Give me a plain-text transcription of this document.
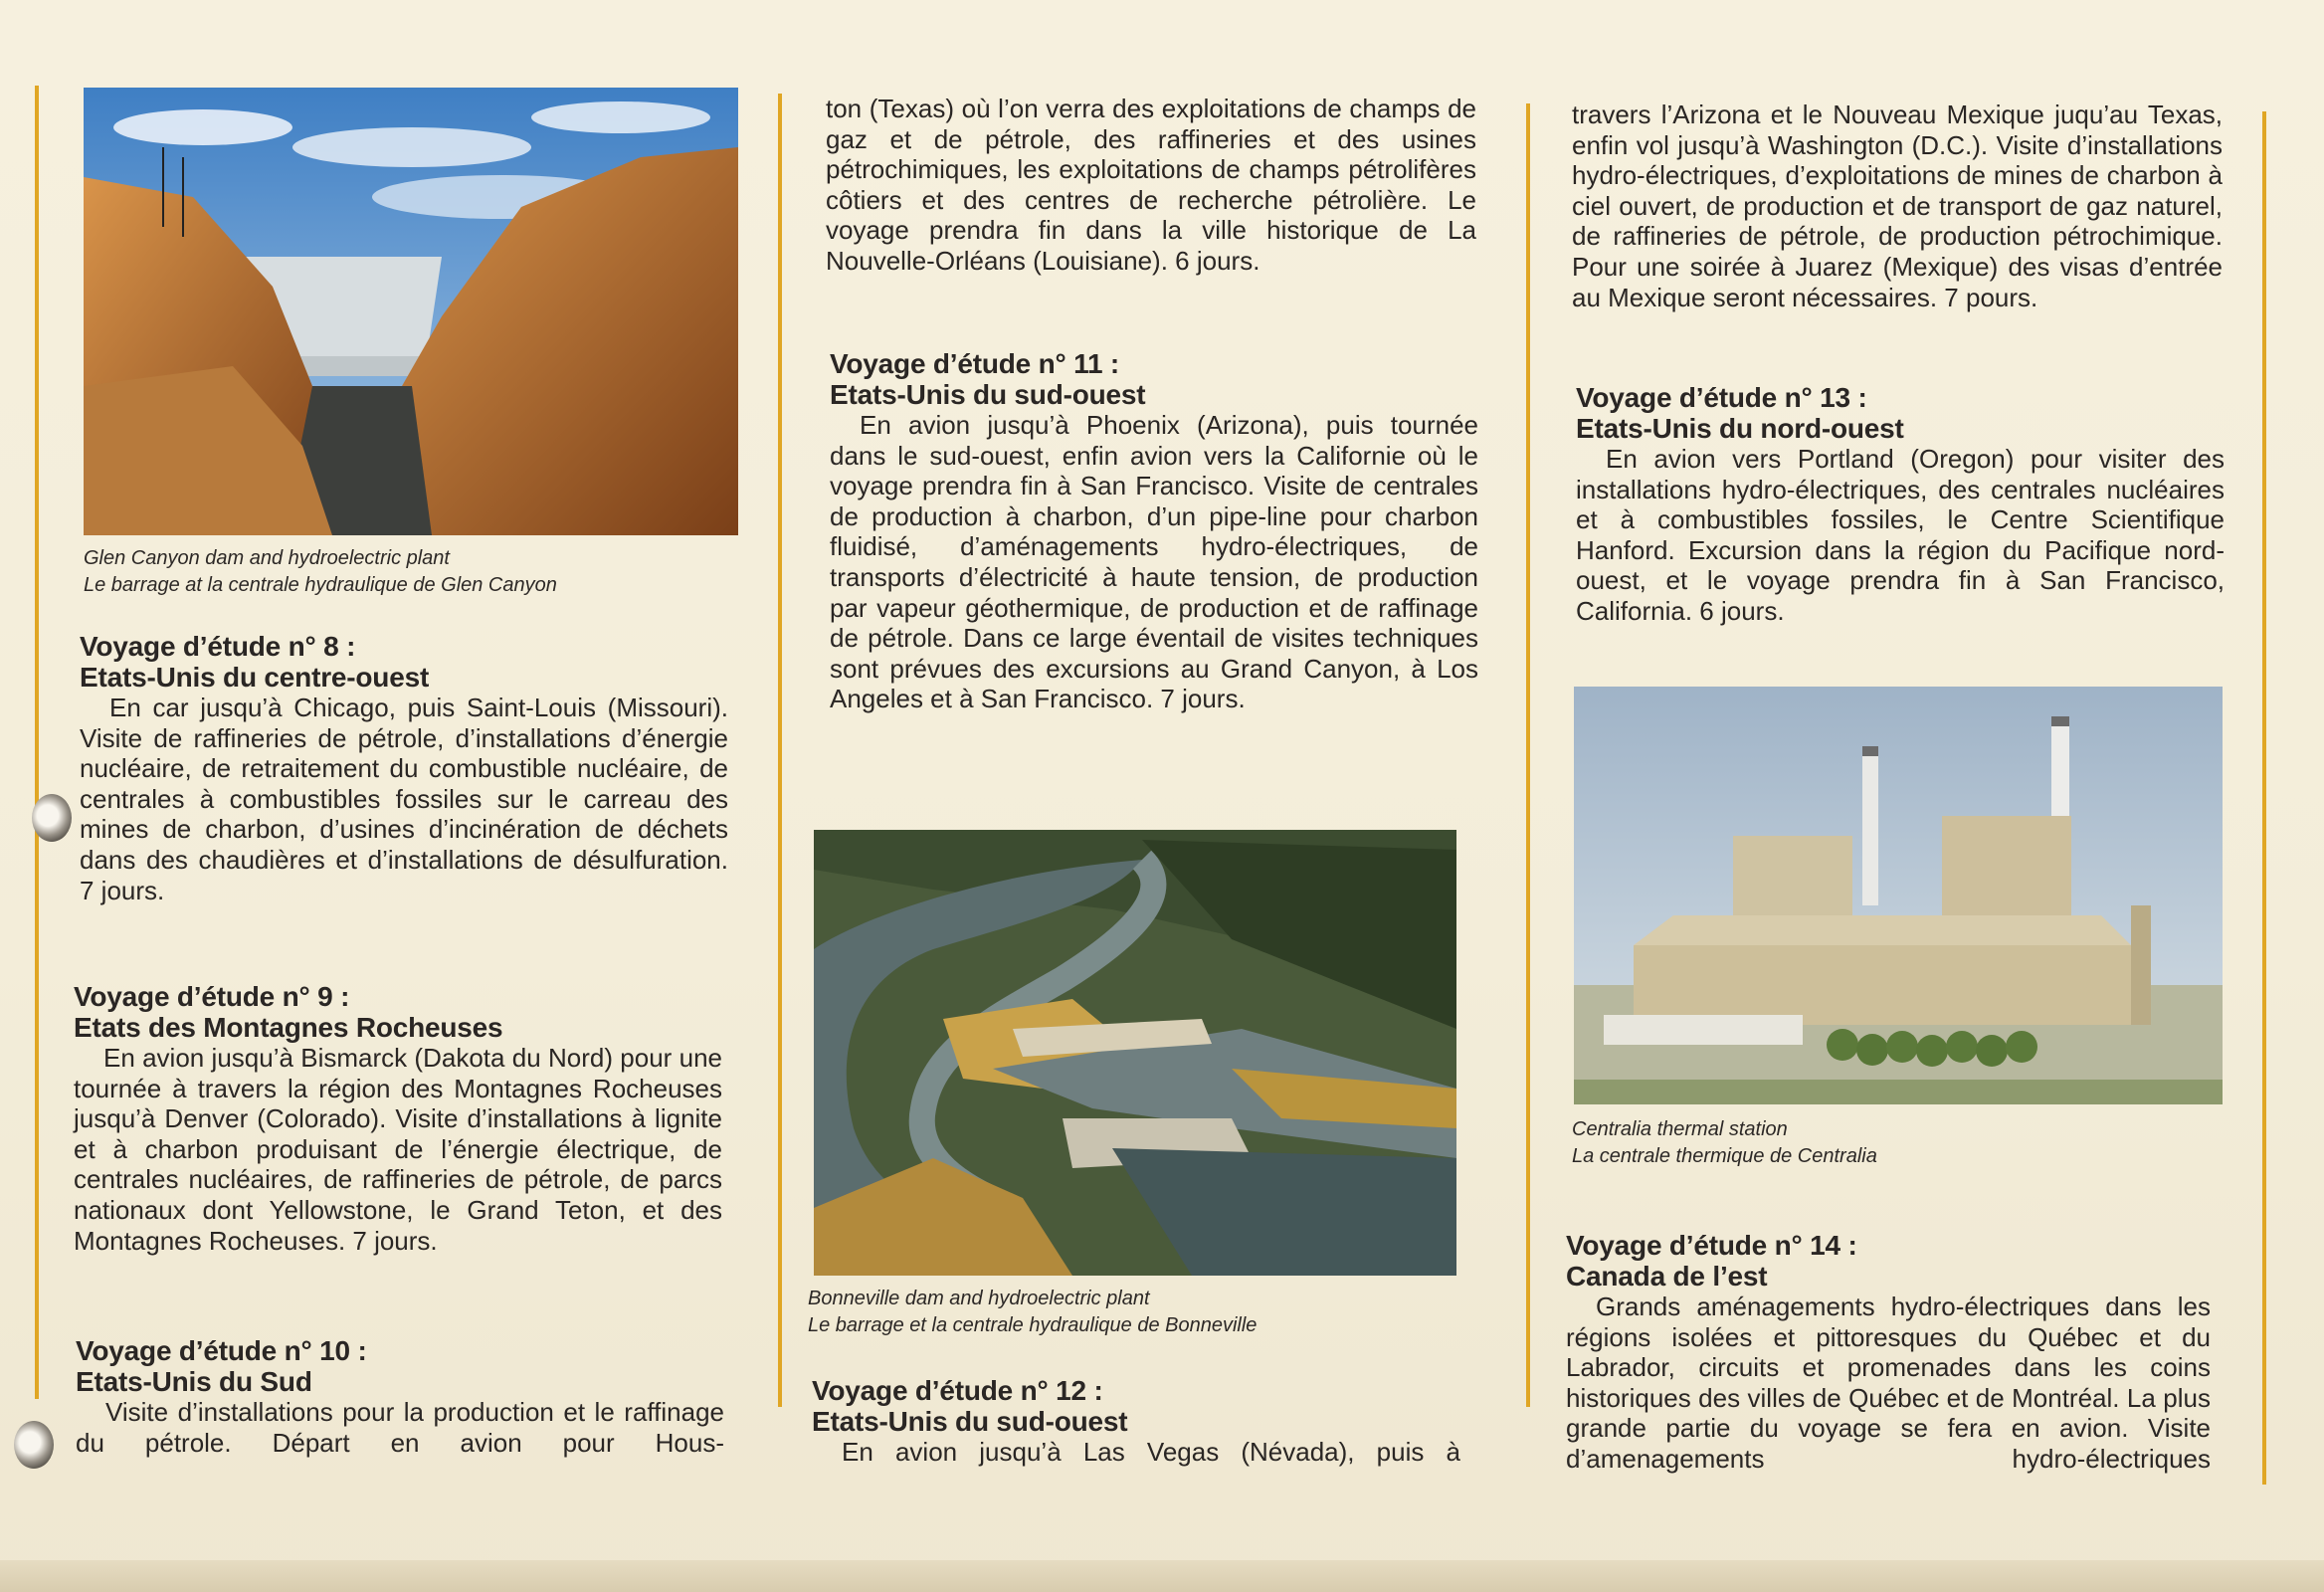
Glen Canyon dam and hydroelectric plant
Le barrage at la centrale hydraulique de Glen Canyon
Voyage d’étude n° 8 :
Etats-Unis du centre-ouest
En car jusqu’à Chicago, puis Saint-Louis (Missouri). Visite de raffineries de pétrole, d’installations d’énergie nucléaire, de retraitement du combustible nucléaire, de centrales à combustibles fossiles sur le carreau des mines de charbon, d’usines d’incinération de déchets dans des chaudières et d’installations de désulfuration. 7 jours.
Voyage d’étude n° 9 :
Etats des Montagnes Rocheuses
En avion jusqu’à Bismarck (Dakota du Nord) pour une tournée à travers la région des Montagnes Rocheuses jusqu’à Denver (Colorado). Visite d’installations à lignite et à charbon produisant de l’énergie électrique, de centrales nucléaires, de raffineries de pétrole, de parcs nationaux dont Yellowstone, le Grand Teton, et des Montagnes Rocheuses. 7 jours.
Voyage d’étude n° 10 :
Etats-Unis du Sud
Visite d’installations pour la production et le raffinage du pétrole. Départ en avion pour Hous-
ton (Texas) où l’on verra des exploitations de champs de gaz et de pétrole, des raffineries et des usines pétrochimiques, les exploitations de champs pétrolifères côtiers et des centres de recherche pétrolière. Le voyage prendra fin dans la ville historique de La Nouvelle-Orléans (Louisiane). 6 jours.
Voyage d’étude n° 11 :
Etats-Unis du sud-ouest
En avion jusqu’à Phoenix (Arizona), puis tournée dans le sud-ouest, enfin avion vers la Californie où le voyage prendra fin à San Francisco. Visite de centrales de production à charbon, d’un pipe-line pour charbon fluidisé, d’aménagements hydro-électriques, de transports d’électricité à haute tension, de production par vapeur géothermique, de production et de raffinage de pétrole. Dans ce large éventail de visites techniques sont prévues des excursions au Grand Canyon, à Los Angeles et à San Francisco. 7 jours.
Bonneville dam and hydroelectric plant
Le barrage et la centrale hydraulique de Bonneville
Voyage d’étude n° 12 :
Etats-Unis du sud-ouest
En avion jusqu’à Las Vegas (Névada), puis à
travers l’Arizona et le Nouveau Mexique juqu’au Texas, enfin vol jusqu’à Washington (D.C.). Visite d’installations hydro-électriques, d’exploitations de mines de charbon à ciel ouvert, de production et de transport de gaz naturel, de raffineries de pétrole, de production pétrochimique. Pour une soirée à Juarez (Mexique) des visas d’entrée au Mexique seront nécessaires. 7 pours.
Voyage d’étude n° 13 :
Etats-Unis du nord-ouest
En avion vers Portland (Oregon) pour visiter des installations hydro-électriques, des centrales nucléaires et à combustibles fossiles, le Centre Scientifique Hanford. Excursion dans la région du Pacifique nord-ouest, et le voyage prendra fin à San Francisco, California. 6 jours.
Centralia thermal station
La centrale thermique de Centralia
Voyage d’étude n° 14 :
Canada de l’est
Grands aménagements hydro-électriques dans les régions isolées et pittoresques du Québec et du Labrador, circuits et promenades dans les coins historiques des villes de Québec et de Montréal. La plus grande partie du voyage se fera en avion. Visite d’amenagements hydro-électriques
